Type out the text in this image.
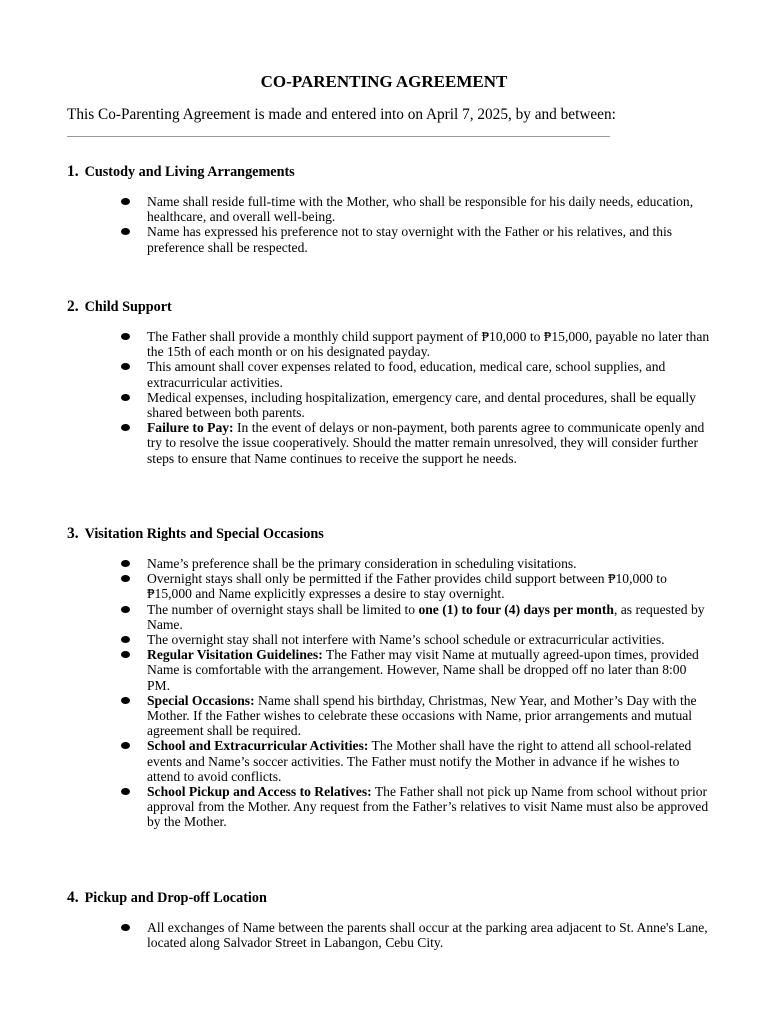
CO-PARENTING AGREEMENT
This Co-Parenting Agreement is made and entered into on April 7, 2025, by and between:
1. Custody and Living Arrangements
Name shall reside full-time with the Mother, who shall be responsible for his daily needs, education, healthcare, and overall well-being.
Name has expressed his preference not to stay overnight with the Father or his relatives, and this preference shall be respected.
2. Child Support
The Father shall provide a monthly child support payment of ₱10,000 to ₱15,000, payable no later than the 15th of each month or on his designated payday.
This amount shall cover expenses related to food, education, medical care, school supplies, and extracurricular activities.
Medical expenses, including hospitalization, emergency care, and dental procedures, shall be equally shared between both parents.
Failure to Pay: In the event of delays or non-payment, both parents agree to communicate openly and try to resolve the issue cooperatively. Should the matter remain unresolved, they will consider further steps to ensure that Name continues to receive the support he needs.
3. Visitation Rights and Special Occasions
Name’s preference shall be the primary consideration in scheduling visitations.
Overnight stays shall only be permitted if the Father provides child support between ₱10,000 to ₱15,000 and Name explicitly expresses a desire to stay overnight.
The number of overnight stays shall be limited to one (1) to four (4) days per month, as requested by Name.
The overnight stay shall not interfere with Name’s school schedule or extracurricular activities.
Regular Visitation Guidelines: The Father may visit Name at mutually agreed-upon times, provided Name is comfortable with the arrangement. However, Name shall be dropped off no later than 8:00 PM.
Special Occasions: Name shall spend his birthday, Christmas, New Year, and Mother’s Day with the Mother. If the Father wishes to celebrate these occasions with Name, prior arrangements and mutual agreement shall be required.
School and Extracurricular Activities: The Mother shall have the right to attend all school-related events and Name’s soccer activities. The Father must notify the Mother in advance if he wishes to attend to avoid conflicts.
School Pickup and Access to Relatives: The Father shall not pick up Name from school without prior approval from the Mother. Any request from the Father’s relatives to visit Name must also be approved by the Mother.
4. Pickup and Drop-off Location
All exchanges of Name between the parents shall occur at the parking area adjacent to St. Anne's Lane, located along Salvador Street in Labangon, Cebu City.
